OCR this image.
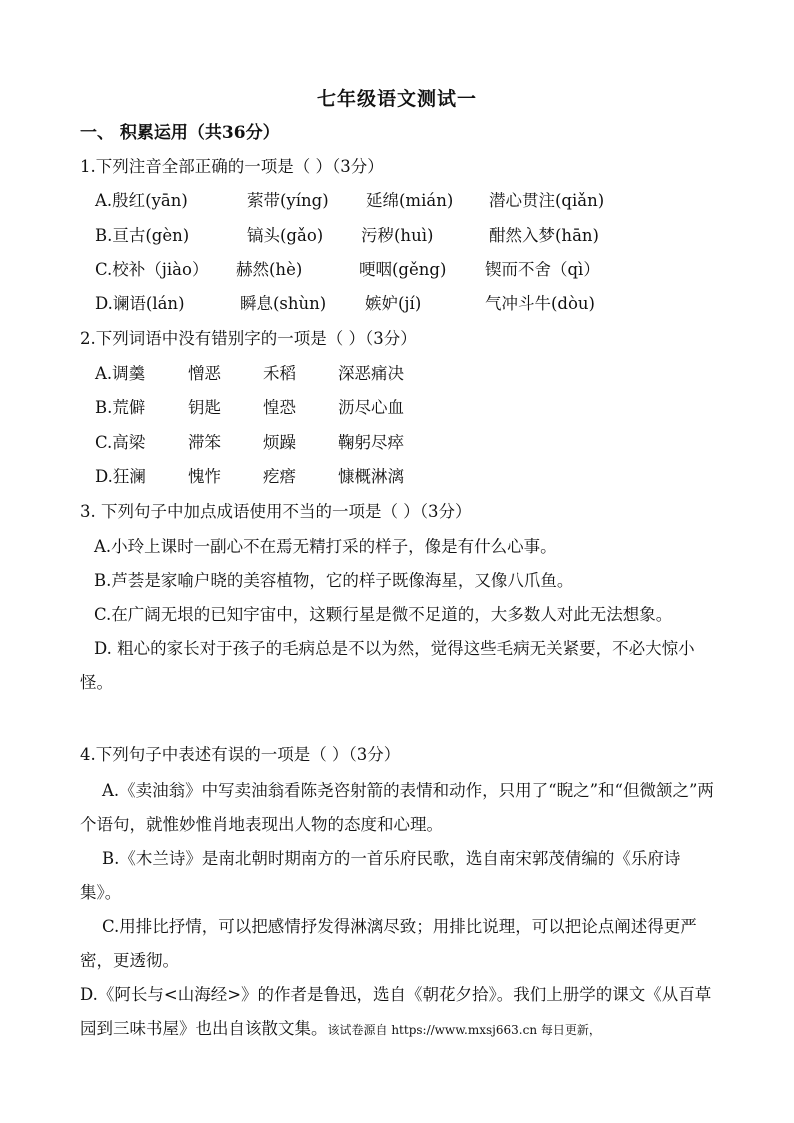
七年级语文测试一
一、 积累运用（共36分）
1.下列注音全部正确的一项是（ ）（3分）
A.殷红(yān)	萦带(yíng) 延绵(mián) 潜心贯注(qiǎn)
B.亘古(gèn)	镐头(gǎo) 污秽(huì)	酣然入梦(hān)
C.校补（jiào） 赫然(hè)	哽咽(gěng) 锲而不舍（qì）
D.谰语(lán)	瞬息(shùn) 嫉妒(jí)	气冲斗牛(dòu)
2.下列词语中没有错别字的一项是（ ）（3分）
A.调羹	憎恶	禾稻	深恶痛决
B.荒僻	钥匙	惶恐	沥尽心血
C.高梁	滞笨	烦躁	鞠躬尽瘁
D.狂澜	愧怍	疙瘩	慷概淋漓
3. 下列句子中加点成语使用不当的一项是（ ）（3分）

A.小玲上课时一副心不在焉无精打采的样子，像是有什么心事。

B.芦荟是家喻户晓的美容植物，它的样子既像海星，又像八爪鱼。

C.在广阔无垠的已知宇宙中，这颗行星是微不足道的，大多数人对此无法想象。

D. 粗心的家长对于孩子的毛病总是不以为然，觉得这些毛病无关紧要，不必大惊小怪。

4.下列句子中表述有误的一项是（ ）（3分）

A.《卖油翁》中写卖油翁看陈尧咨射箭的表情和动作，只用了“睨之”和“但微颔之”两个语句，就惟妙惟肖地表现出人物的态度和心理。

B.《木兰诗》是南北朝时期南方的一首乐府民歌，选自南宋郭茂倩编的《乐府诗集》。

C.用排比抒情，可以把感情抒发得淋漓尽致；用排比说理，可以把论点阐述得更严密，更透彻。

D.《阿长与<山海经>》的作者是鲁迅，选自《朝花夕拾》。我们上册学的课文《从百草园到三味书屋》也出自该散文集。该试卷源自 https://www.mxsj663.cn 每日更新，
